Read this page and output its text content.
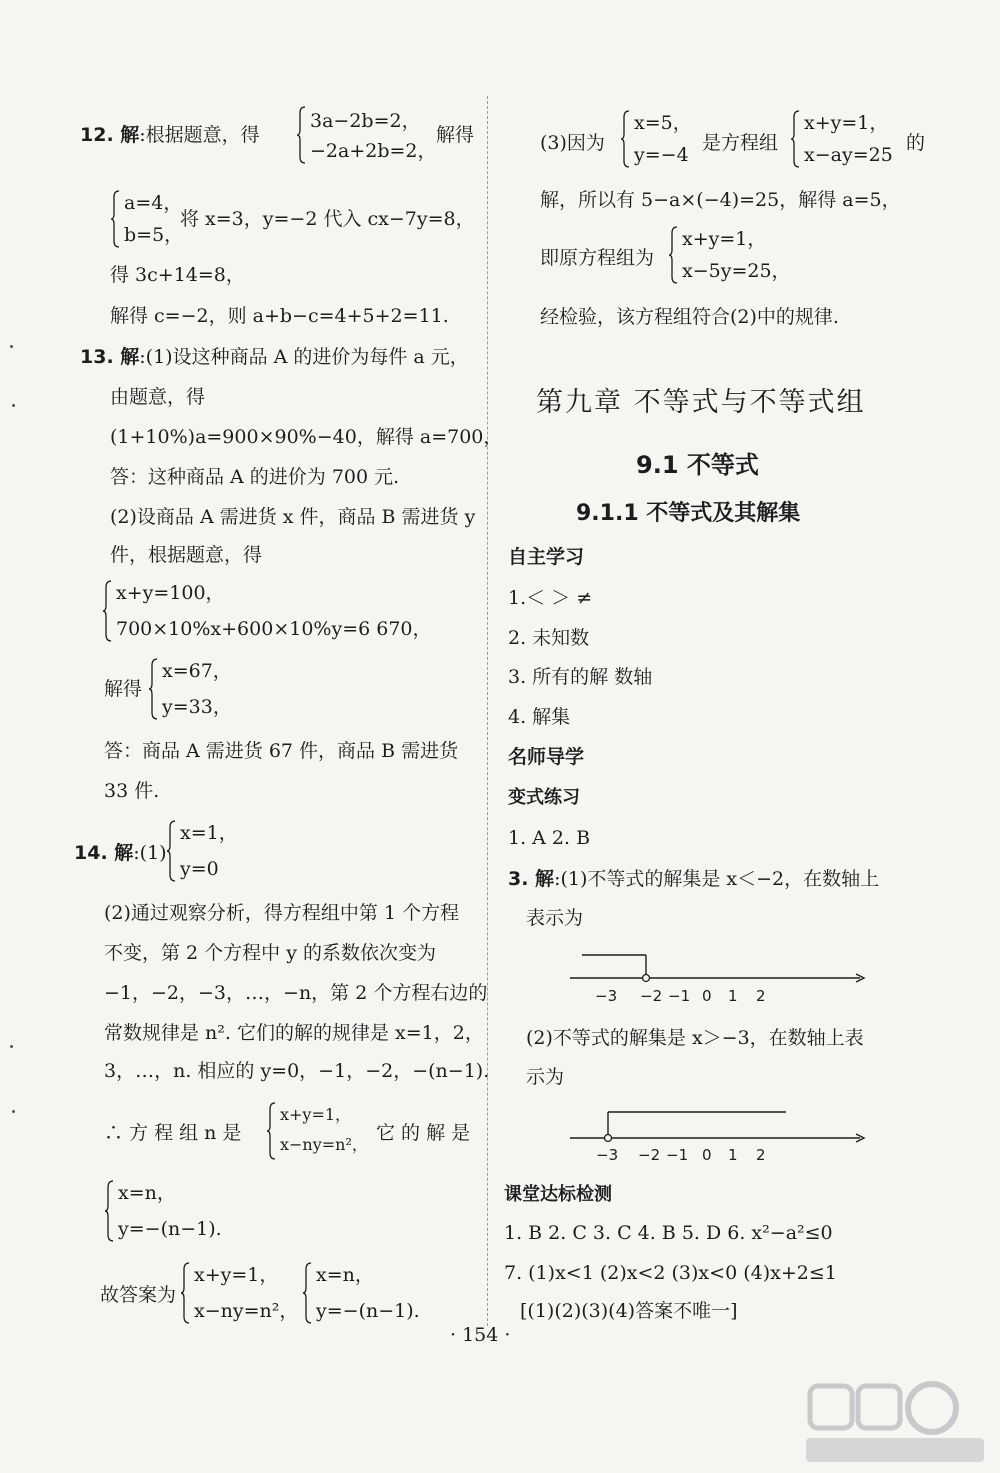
12. 解:根据题意，得
3a−2b=2，
−2a+2b=2，
解得
a=4，
b=5，
将 x=3，y=−2 代入 cx−7y=8，
得 3c+14=8，
解得 c=−2，则 a+b−c=4+5+2=11.
13. 解:(1)设这种商品 A 的进价为每件 a 元，
由题意，得
(1+10%)a=900×90%−40，解得 a=700，
答：这种商品 A 的进价为 700 元.
(2)设商品 A 需进货 x 件，商品 B 需进货 y
件，根据题意，得
x+y=100，
700×10%x+600×10%y=6 670，
解得
x=67，
y=33，
答：商品 A 需进货 67 件，商品 B 需进货
33 件.
14. 解:(1)
x=1，
y=0
(2)通过观察分析，得方程组中第 1 个方程
不变，第 2 个方程中 y 的系数依次变为
−1，−2，−3，…，−n，第 2 个方程右边的
常数规律是 n². 它们的解的规律是 x=1，2，
3，…，n. 相应的 y=0，−1，−2，−(n−1).
∴ 方 程 组 n 是
x+y=1，
x−ny=n²，
它 的 解 是
x=n，
y=−(n−1).
故答案为
x+y=1，
x−ny=n²，
x=n，
y=−(n−1).
(3)因为
x=5，
y=−4
是方程组
x+y=1，
x−ay=25
的
解，所以有 5−a×(−4)=25，解得 a=5，
即原方程组为
x+y=1，
x−5y=25，
经检验，该方程组符合(2)中的规律.
第九章 不等式与不等式组
9.1 不等式
9.1.1 不等式及其解集
自主学习
1.＜ ＞ ≠
2. 未知数
3. 所有的解 数轴
4. 解集
名师导学
变式练习
1. A 2. B
3. 解:(1)不等式的解集是 x＜−2，在数轴上
表示为
−3 −2 −1 0 1 2
(2)不等式的解集是 x＞−3，在数轴上表
示为
−3 −2 −1 0 1 2
课堂达标检测
1. B 2. C 3. C 4. B 5. D 6. x²−a²≤0
7. (1)x<1 (2)x<2 (3)x<0 (4)x+2≤1
[(1)(2)(3)(4)答案不唯一]
· 154 ·
